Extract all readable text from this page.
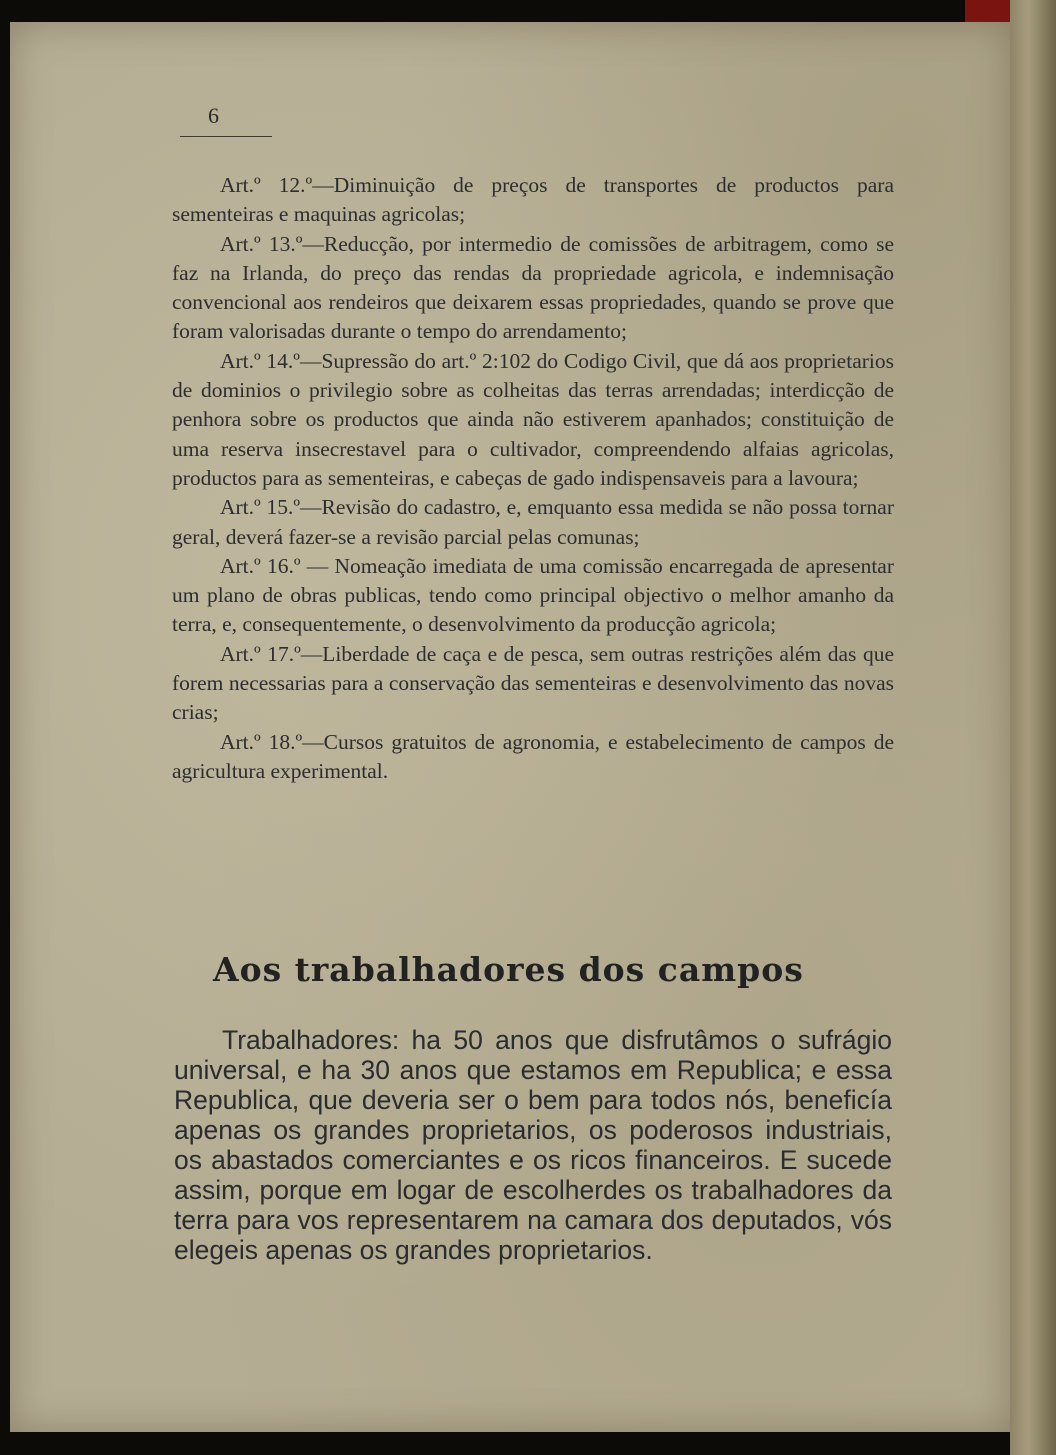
6

Art.º 12.º—Diminuição de preços de transportes de productos para sementeiras e maquinas agricolas;

Art.º 13.º—Reducção, por intermedio de comissões de arbitragem, como se faz na Irlanda, do preço das rendas da propriedade agricola, e indemnisação convencional aos rendeiros que deixarem essas propriedades, quando se prove que foram valorisadas durante o tempo do arrendamento;

Art.º 14.º—Supressão do art.º 2:102 do Codigo Civil, que dá aos proprietarios de dominios o privilegio sobre as colheitas das terras arrendadas; interdicção de penhora sobre os productos que ainda não estiverem apanhados; constituição de uma reserva insecrestavel para o cultivador, compreendendo alfaias agricolas, productos para as sementeiras, e cabeças de gado indispensaveis para a lavoura;

Art.º 15.º—Revisão do cadastro, e, emquanto essa medida se não possa tornar geral, deverá fazer-se a revisão parcial pelas comunas;

Art.º 16.º — Nomeação imediata de uma comissão encarregada de apresentar um plano de obras publicas, tendo como principal objectivo o melhor amanho da terra, e, consequentemente, o desenvolvimento da producção agricola;

Art.º 17.º—Liberdade de caça e de pesca, sem outras restrições além das que forem necessarias para a conservação das sementeiras e desenvolvimento das novas crias;

Art.º 18.º—Cursos gratuitos de agronomia, e estabelecimento de campos de agricultura experimental.

Aos trabalhadores dos campos

Trabalhadores: ha 50 anos que disfrutâmos o sufrágio universal, e ha 30 anos que estamos em Republica; e essa Republica, que deveria ser o bem para todos nós, beneficía apenas os grandes proprietarios, os poderosos industriais, os abastados comerciantes e os ricos financeiros. E sucede assim, porque em logar de escolherdes os trabalhadores da terra para vos representarem na camara dos deputados, vós elegeis apenas os grandes proprietarios.
